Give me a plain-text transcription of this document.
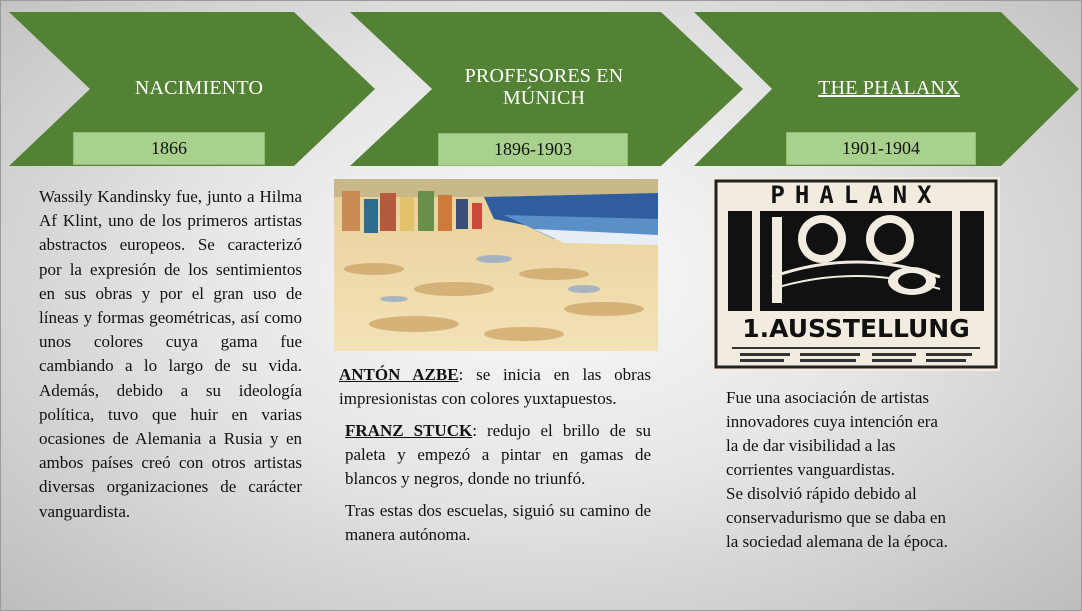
NACIMIENTO
PROFESORES EN
MÚNICH	THE PHALANX
1866	1896-1903	1901-1904
Wassily Kandinsky fue, junto a Hilma Af Klint, uno de los primeros artistas abstractos europeos. Se caracterizó por la expresión de los sentimientos en sus obras y por el gran uso de líneas y formas geométricas, así como unos colores cuya gama fue cambiando a lo largo de su vida. Además, debido a su ideología política, tuvo que huir en varias ocasiones de Alemania a Rusia y en ambos países creó con otros artistas diversas organizaciones de carácter vanguardista.
PHALANX
1.AUSSTELLUNG

ANTÓN AZBE: se inicia en las obras impresionistas con colores yuxtapuestos.

FRANZ STUCK: redujo el brillo de su paleta y empezó a pintar en gamas de blancos y negros, donde no triunfó.

Tras estas dos escuelas, siguió su camino de manera autónoma.

Fue una asociación de artistas
innovadores cuya intención era
la de dar visibilidad a las
corrientes vanguardistas.
Se disolvió rápido debido al
conservadurismo que se daba en
la sociedad alemana de la época.
